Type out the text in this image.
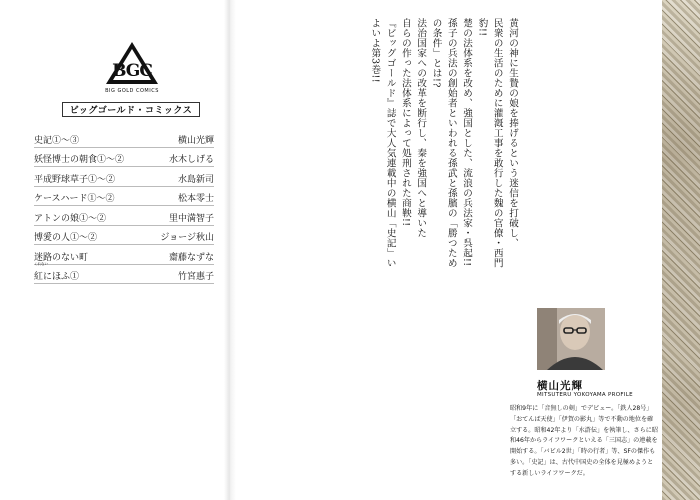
BGC
BIG GOLD COMICS
ビッグゴールド・コミックス
史記①～③	横山光輝
妖怪博士の朝食①～②	水木しげる
平成野球草子①～②	水島新司
ケースハード①～②	松本零士
アトンの娘①～②	里中満智子
博愛の人①～②	ジョージ秋山
迷路のない町	齋藤なずな
くれない
紅にほふ①	竹宮惠子

黄河の神に生贄の娘を捧げるという迷信を打破し、

民衆の生活のために灌漑工事を敢行した魏の官僚・西門豹!!

楚の法体系を改め、強国とした、流浪の兵法家・呉起!!

孫子の兵法の創始者といわれる孫武と孫臏の「勝つための条件」とは!?

法治国家への改革を断行し、秦を強国へと導いた

自らの作った法体系によって処刑された商鞅!!

『ビッグゴールド』誌で大人気連載中の横山「史記」いよいよ第3巻!!

横山光輝
MITSUTERU YOKOYAMA PROFILE

昭和9年に「音無しの剣」でデビュー。「鉄人28号」「おてんば天使」「伊賀の影丸」等で不動の地位を確立する。昭和42年より「水滸伝」を執筆し、さらに昭和46年からライフワークといえる「三国志」の連載を開始する。「バビル2世」「時の行者」等、SFの傑作も多い。「史記」は、古代中国史の全体を見極めようとする新しいライフワークだ。
